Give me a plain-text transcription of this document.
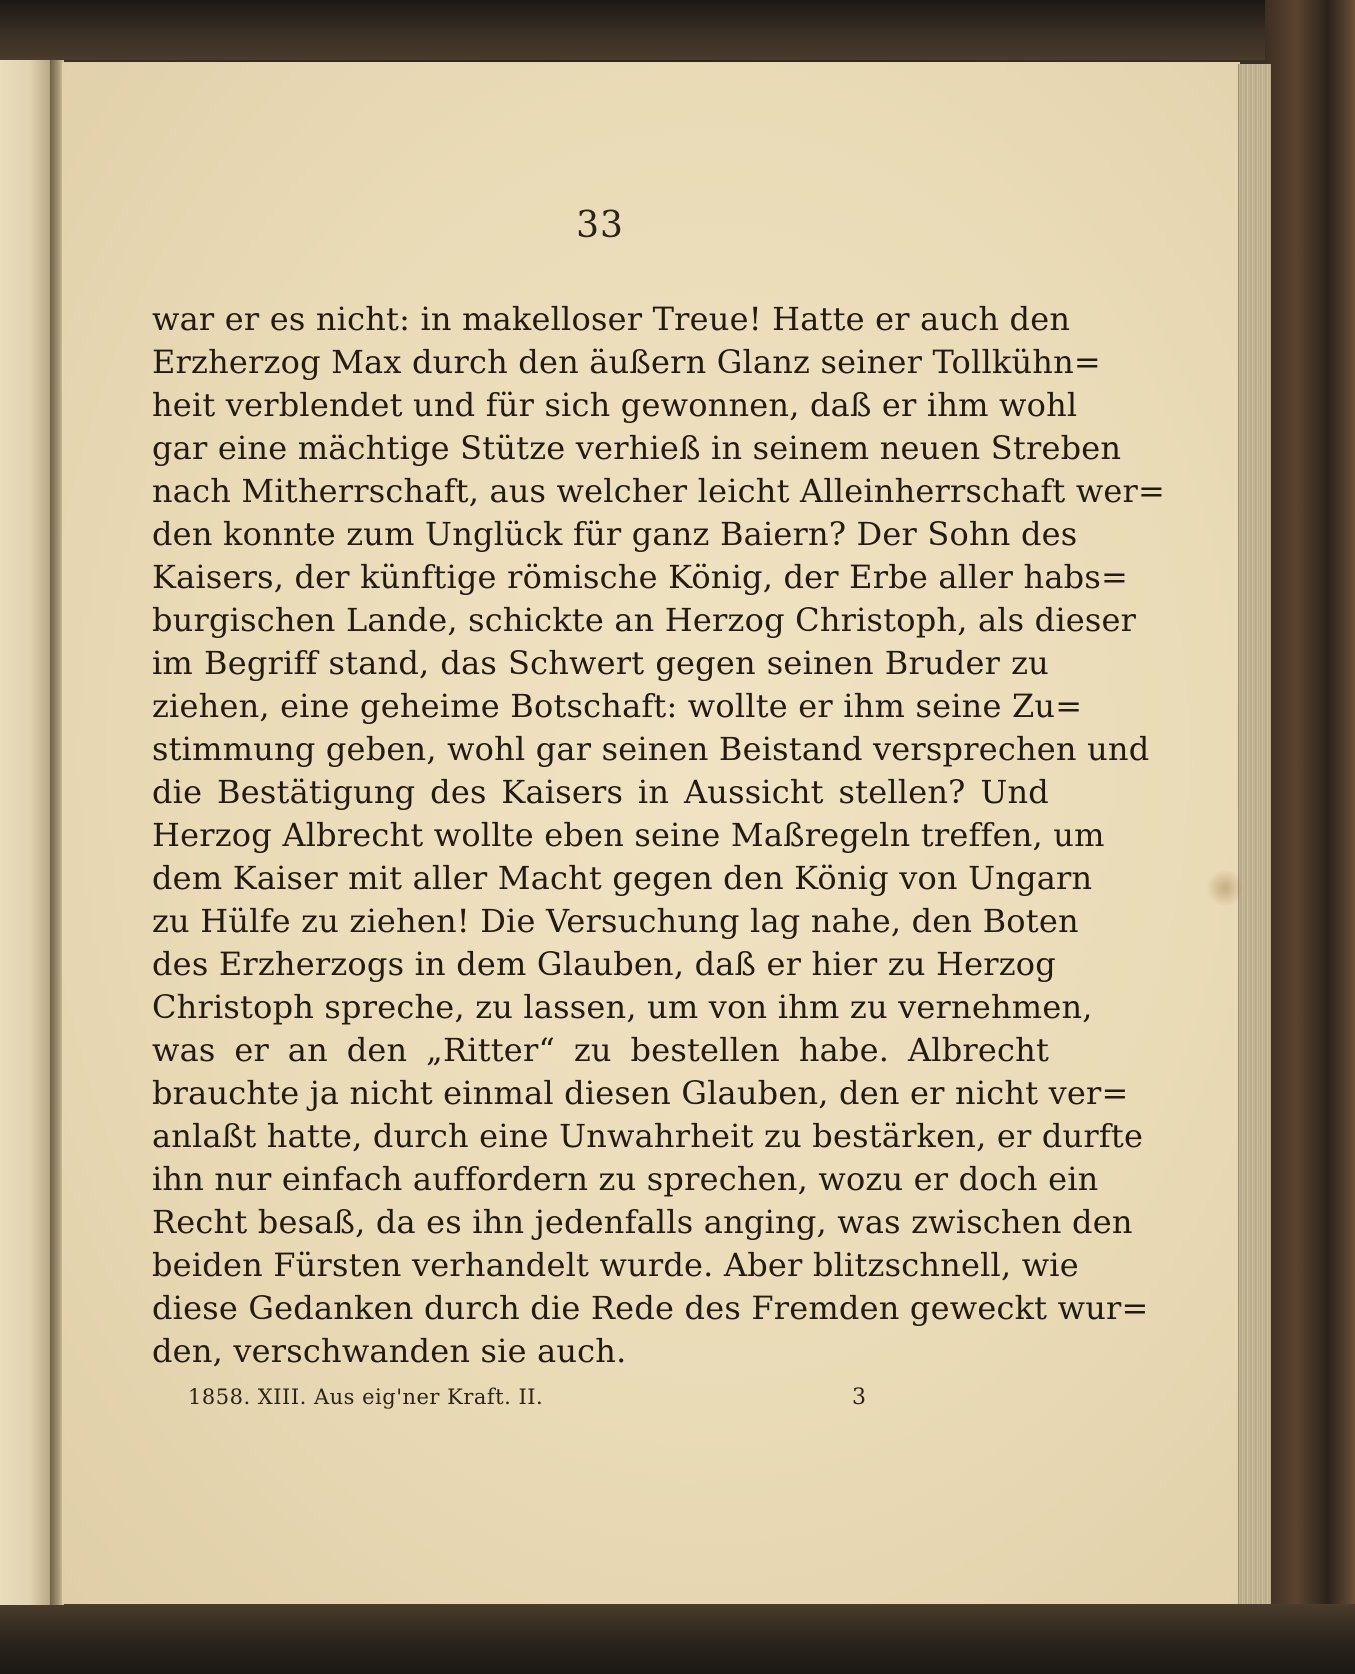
33
war er es nicht: in makelloser Treue! Hatte er auch den
Erzherzog Max durch den äußern Glanz seiner Tollkühn=
heit verblendet und für sich gewonnen, daß er ihm wohl
gar eine mächtige Stütze verhieß in seinem neuen Streben
nach Mitherrschaft, aus welcher leicht Alleinherrschaft wer=
den konnte zum Unglück für ganz Baiern? Der Sohn des
Kaisers, der künftige römische König, der Erbe aller habs=
burgischen Lande, schickte an Herzog Christoph, als dieser
im Begriff stand, das Schwert gegen seinen Bruder zu
ziehen, eine geheime Botschaft: wollte er ihm seine Zu=
stimmung geben, wohl gar seinen Beistand versprechen und
die Bestätigung des Kaisers in Aussicht stellen? Und
Herzog Albrecht wollte eben seine Maßregeln treffen, um
dem Kaiser mit aller Macht gegen den König von Ungarn
zu Hülfe zu ziehen! Die Versuchung lag nahe, den Boten
des Erzherzogs in dem Glauben, daß er hier zu Herzog
Christoph spreche, zu lassen, um von ihm zu vernehmen,
was er an den „Ritter“ zu bestellen habe. Albrecht
brauchte ja nicht einmal diesen Glauben, den er nicht ver=
anlaßt hatte, durch eine Unwahrheit zu bestärken, er durfte
ihn nur einfach auffordern zu sprechen, wozu er doch ein
Recht besaß, da es ihn jedenfalls anging, was zwischen den
beiden Fürsten verhandelt wurde. Aber blitzschnell, wie
diese Gedanken durch die Rede des Fremden geweckt wur=
den, verschwanden sie auch.
1858. XIII. Aus eig'ner Kraft. II.	3
